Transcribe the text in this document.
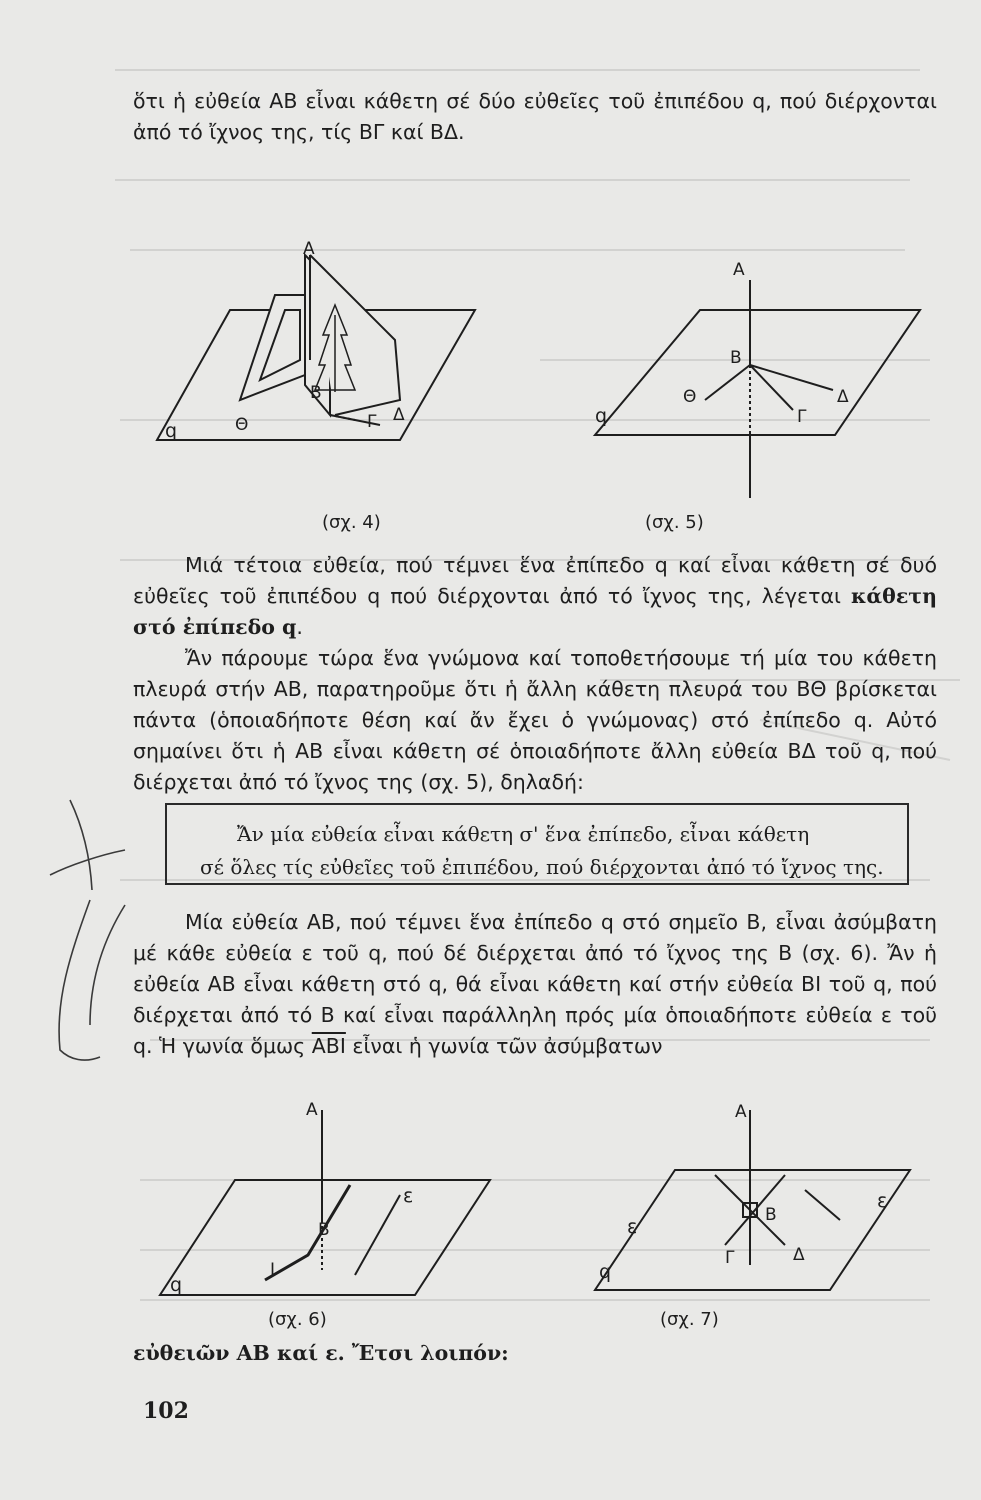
ὅτι ἡ εὐθεία ΑΒ εἶναι κάθετη σέ δύο εὐθεῖες τοῦ ἐπιπέδου q, πού διέρχονται ἀπό τό ἴχνος της, τίς ΒΓ καί ΒΔ.

Α
Β
Γ Δ
Θ
q
(σχ. 4)
Α
Β
Γ
Δ
Θ
q
(σχ. 5)

Μιά τέτοια εὐθεία, πού τέμνει ἕνα ἐπίπεδο q καί εἶναι κάθετη σέ δυό εὐθεῖες τοῦ ἐπιπέδου q πού διέρχονται ἀπό τό ἴχνος της, λέγεται κάθετη στό ἐπίπεδο q.

Ἄν πάρουμε τώρα ἕνα γνώμονα καί τοποθετήσουμε τή μία του κάθετη πλευρά στήν ΑΒ, παρατηροῦμε ὅτι ἡ ἄλλη κάθετη πλευρά του ΒΘ βρίσκεται πάντα (ὁποιαδήποτε θέση καί ἄν ἔχει ὁ γνώμονας) στό ἐπίπεδο q. Αὐτό σημαίνει ὅτι ἡ ΑΒ εἶναι κάθετη σέ ὁποιαδήποτε ἄλλη εὐθεία ΒΔ τοῦ q, πού διέρχεται ἀπό τό ἴχνος της (σχ. 5), δηλαδή:

Ἄν μία εὐθεία εἶναι κάθετη σ' ἕνα ἐπίπεδο, εἶναι κάθετη
σέ ὅλες τίς εὐθεῖες τοῦ ἐπιπέδου, πού διέρχονται ἀπό τό ἴχνος της.

Μία εὐθεία ΑΒ, πού τέμνει ἕνα ἐπίπεδο q στό σημεῖο Β, εἶναι ἀσύμβατη μέ κάθε εὐθεία ε τοῦ q, πού δέ διέρχεται ἀπό τό ἴχνος της Β (σχ. 6). Ἄν ἡ εὐθεία ΑΒ εἶναι κάθετη στό q, θά εἶναι κάθετη καί στήν εὐθεία ΒΙ τοῦ q, πού διέρχεται ἀπό τό Β καί εἶναι παράλληλη πρός μία ὁποιαδήποτε εὐθεία ε τοῦ q. Ἡ γωνία ὅμως $\overline{ABI}$ εἶναι ἡ γωνία τῶν ἀσύμβατων

Α
Β
ε
Ι
q
(σχ. 6)
Α
Β
Γ	Δ
ε
ε
q
(σχ. 7)

εὐθειῶν ΑΒ καί ε. Ἔτσι λοιπόν:

102
